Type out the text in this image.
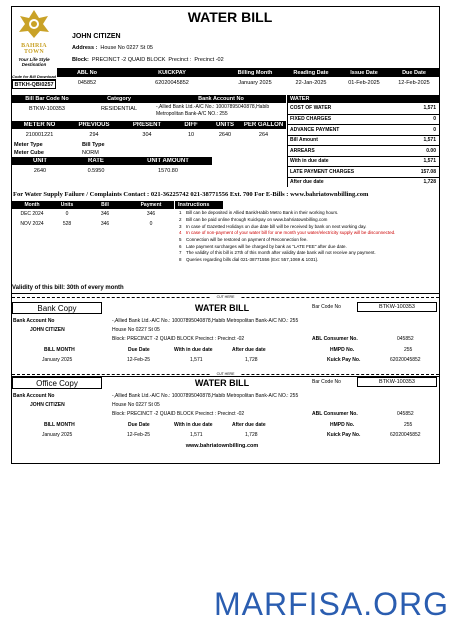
BAHRIA TOWN
Your Life Style Destination
Code for Bill Download
BTKH-QB\0257
WATER BILL
JOHN CITIZEN
Address : House No 0227 St 05
Block: PRECINCT -2 QUAID BLOCK Precinct : Precinct -02
ABL No	KUICKPAY	Billing Month	Reading Date	Issue Date	Due Date
045852	62020045852	January 2025	22-Jan-2025	01-Feb-2025	12-Feb-2025
Bill Bar Code No	Category	Bank Account No
BTKW-100353	RESIDENTIAL	-,Allied Bank Ltd.-A/C No.: 10007895040878,Habib Metropolitan Bank-A/C NO.: 255
METER NO	PREVIOUS	PRESENT	DIFF	UNITS	PER GALLON
210001221	294	304	10	2640	264
Meter Type	Bill Type
Meter Cube	NORM
UNIT	RATE	UNIT AMOUNT
2640	0.5950	1570.80
WATER
COST OF WATER	1,571
FIXED CHARGES	0
ADVANCE PAYMENT	0
Bill Amount	1,571
ARREARS	0.00
With in due date	1,571
LATE PAYMENT CHARGES	157.08
After due date	1,728
For Water Supply Failure / Complaints Contact : 021-36225742 021-38771556 Ext. 700 For E-Bills : www.bahriatownbilling.com
Month	Units	Bill	Payment
DEC 2024	0	346	346
NOV 2024	528	346	0
Instructions
1 Bill can be deposited in Allied Bank/Habib Metro Bank in their working hours.
2 Bill can be paid online through Kuickpay on www.bahriatownbilling.com
3 In case of Gazetted Holidays on due date bill will be received by bank on next working day.
4 In case of non-payment of your water bill for one month your water/electricity supply will be disconnected.
5 Connection will be restored on payment of Reconnection fee.
6 Late payment surcharges will be charged by bank as "LATE FEE" after due date.
7 The validity of this bill is 27th of this month after validity date bank will not receive any payment.
8 Queries regarding bills dial 021-38771556 (Ext: 557,1069 & 1031).
Validity of this bill: 30th of every month
CUT HERE
Bank Copy	WATER BILL	Bar Code No	BTKW-100353
Bank Account No	-,Allied Bank Ltd.-A/C No.: 10007895040878,Habib Metropolitan Bank-A/C NO.: 255
JOHN CITIZEN	House No 0227 St 05
Block: PRECINCT -2 QUAID BLOCK Precinct : Precinct -02	ABL Consumer No.	045852
BILL MONTH	Due Date	With in due date	After due date	HMPD No.	255
January 2025	12-Feb-25	1,571	1,728	Kuick Pay No.	62020045852
CUT HERE
Office Copy	WATER BILL	Bar Code No	BTKW-100353
Bank Account No	-,Allied Bank Ltd.-A/C No.: 10007895040878,Habib Metropolitan Bank-A/C NO.: 255
JOHN CITIZEN	House No 0227 St 05
Block: PRECINCT -2 QUAID BLOCK Precinct : Precinct -02	ABL Consumer No.	045852
BILL MONTH	Due Date	With in due date	After due date	HMPD No.	255
January 2025	12-Feb-25	1,571	1,728	Kuick Pay No.	62020045852
www.bahriatownbilling.com
MARFISA.ORG
